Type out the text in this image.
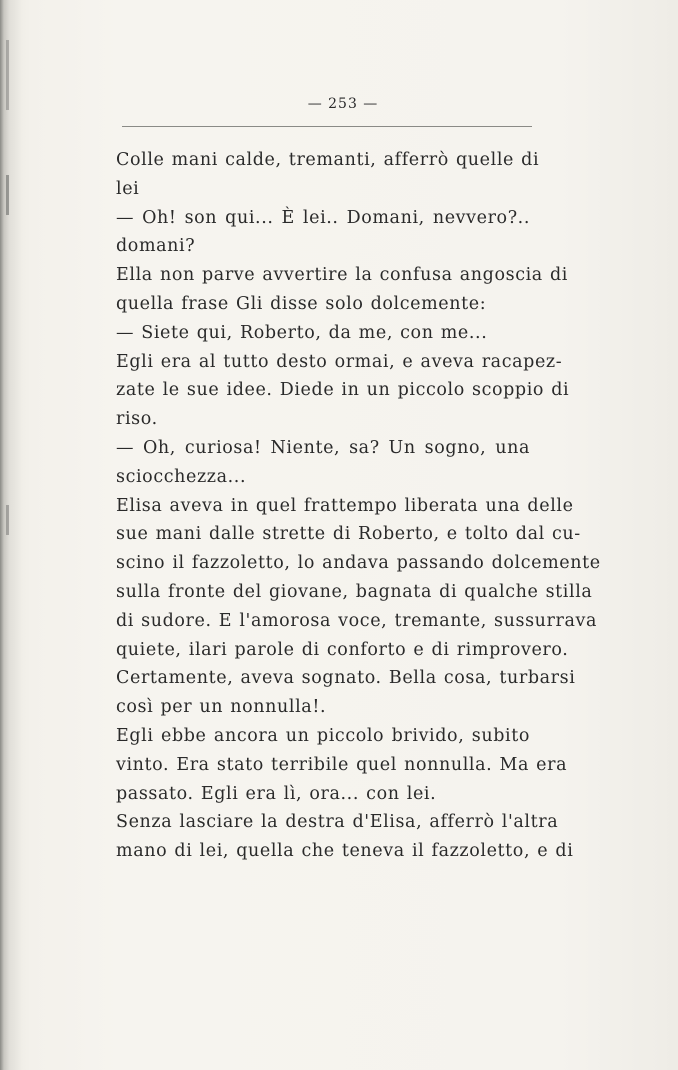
— 253 —
Colle mani calde, tremanti, afferrò quelle di
lei
— Oh! son qui... È lei.. Domani, nevvero?..
domani?
Ella non parve avvertire la confusa angoscia di
quella frase Gli disse solo dolcemente:
— Siete qui, Roberto, da me, con me...
Egli era al tutto desto ormai, e aveva racapez-
zate le sue idee. Diede in un piccolo scoppio di
riso.
— Oh, curiosa! Niente, sa? Un sogno, una
sciocchezza...
Elisa aveva in quel frattempo liberata una delle
sue mani dalle strette di Roberto, e tolto dal cu-
scino il fazzoletto, lo andava passando dolcemente
sulla fronte del giovane, bagnata di qualche stilla
di sudore. E l'amorosa voce, tremante, sussurrava
quiete, ilari parole di conforto e di rimprovero.
Certamente, aveva sognato. Bella cosa, turbarsi
così per un nonnulla!.
Egli ebbe ancora un piccolo brivido, subito
vinto. Era stato terribile quel nonnulla. Ma era
passato. Egli era lì, ora... con lei.
Senza lasciare la destra d'Elisa, afferrò l'altra
mano di lei, quella che teneva il fazzoletto, e di
